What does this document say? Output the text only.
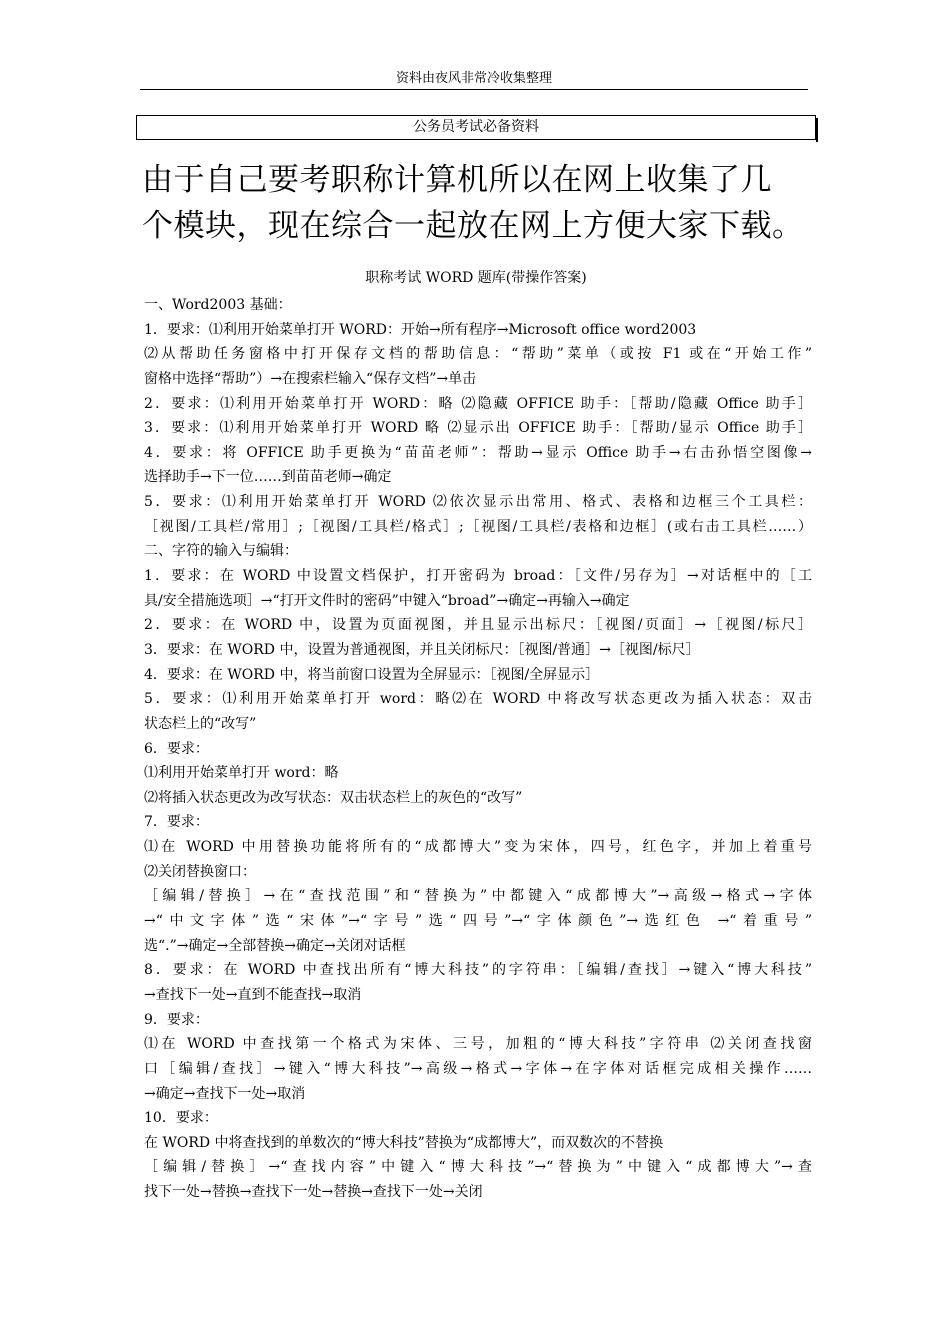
资料由夜风非常冷收集整理
公务员考试必备资料
由于自己要考职称计算机所以在网上收集了几
个模块，现在综合一起放在网上方便大家下载。
职称考试 WORD 题库(带操作答案)
一、Word2003 基础：
1．要求：⑴利用开始菜单打开 WORD：开始→所有程序→Microsoft office word2003
⑵从帮助任务窗格中打开保存文档的帮助信息：“帮助”菜单（或按 F1 或在“开始工作”
窗格中选择“帮助”）→在搜索栏输入“保存文档”→单击
2．要求：⑴利用开始菜单打开 WORD：略 ⑵隐藏 OFFICE 助手：［帮助/隐藏 Office 助手］
3．要求：⑴利用开始菜单打开 WORD 略 ⑵显示出 OFFICE 助手：［帮助/显示 Office 助手］
4．要求：将 OFFICE 助手更换为“苗苗老师”：帮助→显示 Office 助手→右击孙悟空图像→
选择助手→下一位……到苗苗老师→确定
5．要求：⑴利用开始菜单打开 WORD ⑵依次显示出常用、格式、表格和边框三个工具栏：
［视图/工具栏/常用］;［视图/工具栏/格式］;［视图/工具栏/表格和边框］(或右击工具栏……）
二、字符的输入与编辑：
1．要求：在 WORD 中设置文档保护，打开密码为 broad：［文件/另存为］→对话框中的［工
具/安全措施选项］→“打开文件时的密码”中键入“broad”→确定→再输入→确定
2．要求：在 WORD 中，设置为页面视图，并且显示出标尺：［视图/页面］→［视图/标尺］
3．要求：在 WORD 中，设置为普通视图，并且关闭标尺：［视图/普通］→［视图/标尺］
4．要求：在 WORD 中，将当前窗口设置为全屏显示：［视图/全屏显示］
5．要求：⑴利用开始菜单打开 word：略⑵在 WORD 中将改写状态更改为插入状态：双击
状态栏上的“改写”
6．要求：
⑴利用开始菜单打开 word：略
⑵将插入状态更改为改写状态：双击状态栏上的灰色的“改写”
7．要求：
⑴在 WORD 中用替换功能将所有的“成都博大”变为宋体，四号，红色字，并加上着重号
⑵关闭替换窗口：
［编辑/替换］→在“查找范围”和“替换为”中都键入“成都博大”→高级→格式→字体
→“中文字体”选“宋体”→“字号”选“四号”→“字体颜色”→选红色 →“着重号”
选“.”→确定→全部替换→确定→关闭对话框
8．要求：在 WORD 中查找出所有“博大科技”的字符串：［编辑/查找］→键入“博大科技”
→查找下一处→直到不能查找→取消
9．要求：
⑴在 WORD 中查找第一个格式为宋体、三号，加粗的“博大科技”字符串 ⑵关闭查找窗
口［编辑/查找］→键入“博大科技”→高级→格式→字体→在字体对话框完成相关操作……
→确定→查找下一处→取消
10．要求：
在 WORD 中将查找到的单数次的“博大科技”替换为“成都博大”，而双数次的不替换
［编辑/替换］→“查找内容”中键入“博大科技”→“替换为”中键入“成都博大”→查
找下一处→替换→查找下一处→替换→查找下一处→关闭
